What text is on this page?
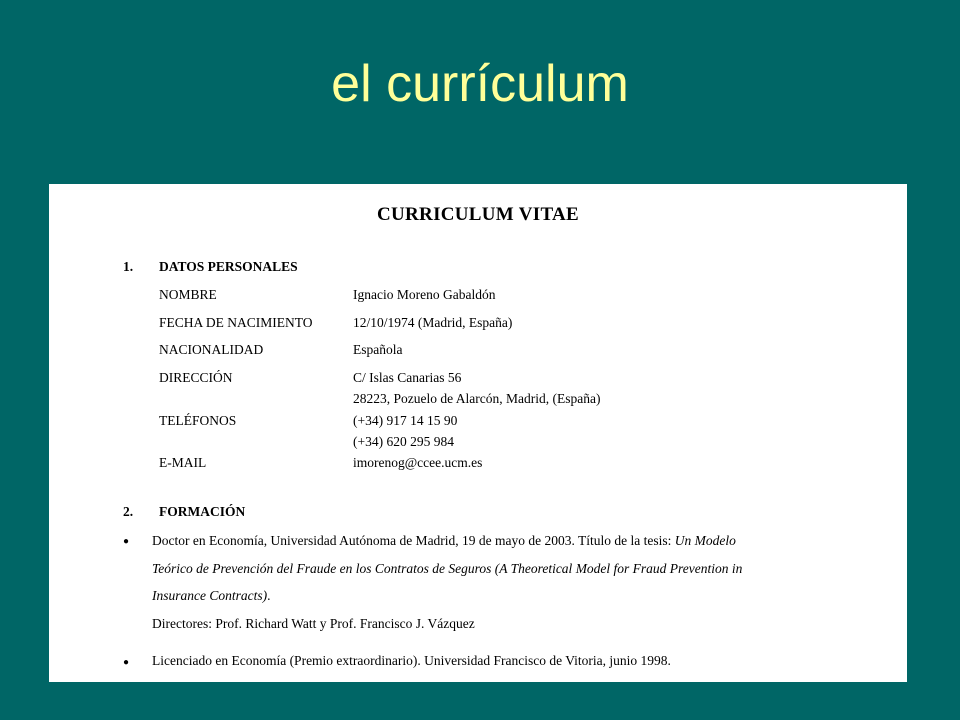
el currículum
CURRICULUM VITAE
1. DATOS PERSONALES
NOMBRE	Ignacio Moreno Gabaldón
FECHA DE NACIMIENTO	12/10/1974 (Madrid, España)
NACIONALIDAD	Española
DIRECCIÓN	C/ Islas Canarias 56
28223, Pozuelo de Alarcón, Madrid, (España)
TELÉFONOS	(+34) 917 14 15 90
(+34) 620 295 984
E-MAIL	imorenog@ccee.ucm.es
2. FORMACIÓN
● Doctor en Economía, Universidad Autónoma de Madrid, 19 de mayo de 2003. Título de la tesis: Un Modelo
Teórico de Prevención del Fraude en los Contratos de Seguros (A Theoretical Model for Fraud Prevention in
Insurance Contracts).
Directores: Prof. Richard Watt y Prof. Francisco J. Vázquez
● Licenciado en Economía (Premio extraordinario). Universidad Francisco de Vitoria, junio 1998.
